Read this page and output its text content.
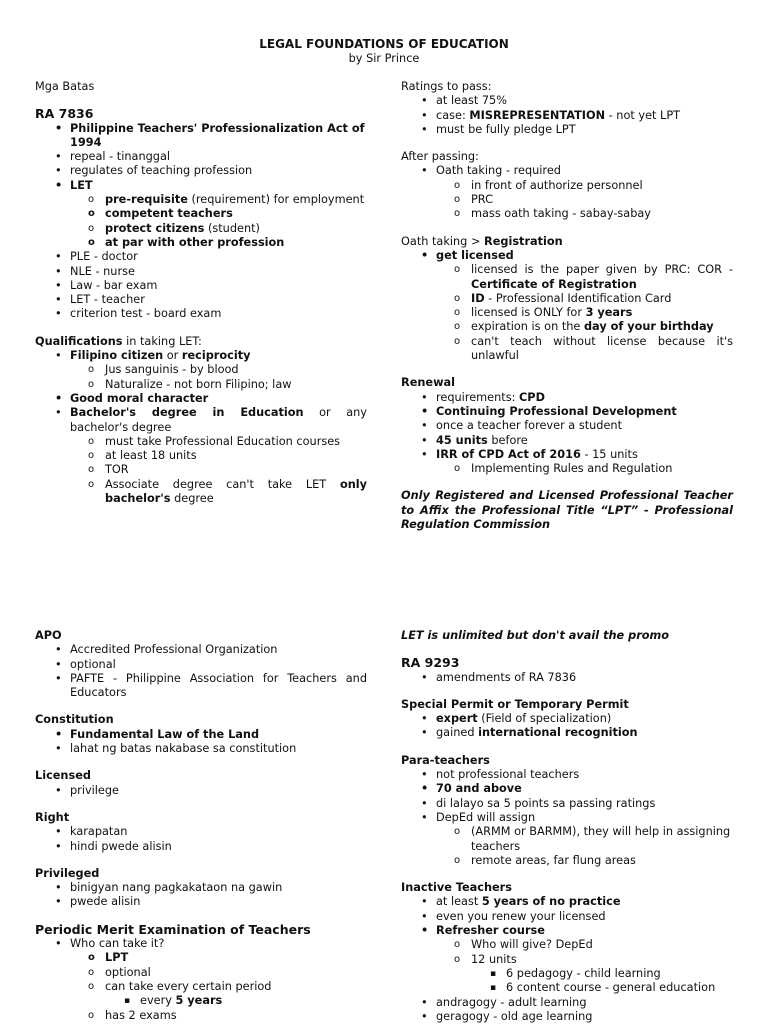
LEGAL FOUNDATIONS OF EDUCATION
by Sir Prince

Mga Batas

RA 7836

• Philippine Teachers' Professionalization Act of 1994
• repeal - tinanggal
• regulates of teaching profession
• LET
o pre-requisite (requirement) for employment
o competent teachers
o protect citizens (student)
o at par with other profession
• PLE - doctor
• NLE - nurse
• Law - bar exam
• LET - teacher
• criterion test - board exam

Qualifications in taking LET:

• Filipino citizen or reciprocity
o Jus sanguinis - by blood
o Naturalize - not born Filipino; law
• Good moral character
• Bachelor's degree in Education or any bachelor's degree
o must take Professional Education courses
o at least 18 units
o TOR
o Associate degree can't take LET only bachelor's degree

Ratings to pass:

• at least 75%
• case: MISREPRESENTATION - not yet LPT
• must be fully pledge LPT

After passing:

• Oath taking - required
o in front of authorize personnel
o PRC
o mass oath taking - sabay-sabay

Oath taking > Registration

• get licensed
o licensed is the paper given by PRC: COR - Certificate of Registration
o ID - Professional Identification Card
o licensed is ONLY for 3 years
o expiration is on the day of your birthday
o can't teach without license because it's unlawful

Renewal

• requirements: CPD
• Continuing Professional Development
• once a teacher forever a student
• 45 units before
• IRR of CPD Act of 2016 - 15 units
o Implementing Rules and Regulation

Only Registered and Licensed Professional Teacher to Affix the Professional Title “LPT” - Professional Regulation Commission

APO

• Accredited Professional Organization
• optional
• PAFTE - Philippine Association for Teachers and Educators

Constitution

• Fundamental Law of the Land
• lahat ng batas nakabase sa constitution

Licensed

• privilege

Right

• karapatan
• hindi pwede alisin

Privileged

• binigyan nang pagkakataon na gawin
• pwede alisin

Periodic Merit Examination of Teachers

• Who can take it?
o LPT
o optional
o can take every certain period
▪ every 5 years
o has 2 exams

LET is unlimited but don't avail the promo

RA 9293

• amendments of RA 7836

Special Permit or Temporary Permit

• expert (Field of specialization)
• gained international recognition

Para-teachers

• not professional teachers
• 70 and above
• di lalayo sa 5 points sa passing ratings
• DepEd will assign
o (ARMM or BARMM), they will help in assigning teachers
o remote areas, far flung areas

Inactive Teachers

• at least 5 years of no practice
• even you renew your licensed
• Refresher course
o Who will give? DepEd
o 12 units
▪ 6 pedagogy - child learning
▪ 6 content course - general education
• andragogy - adult learning
• geragogy - old age learning
